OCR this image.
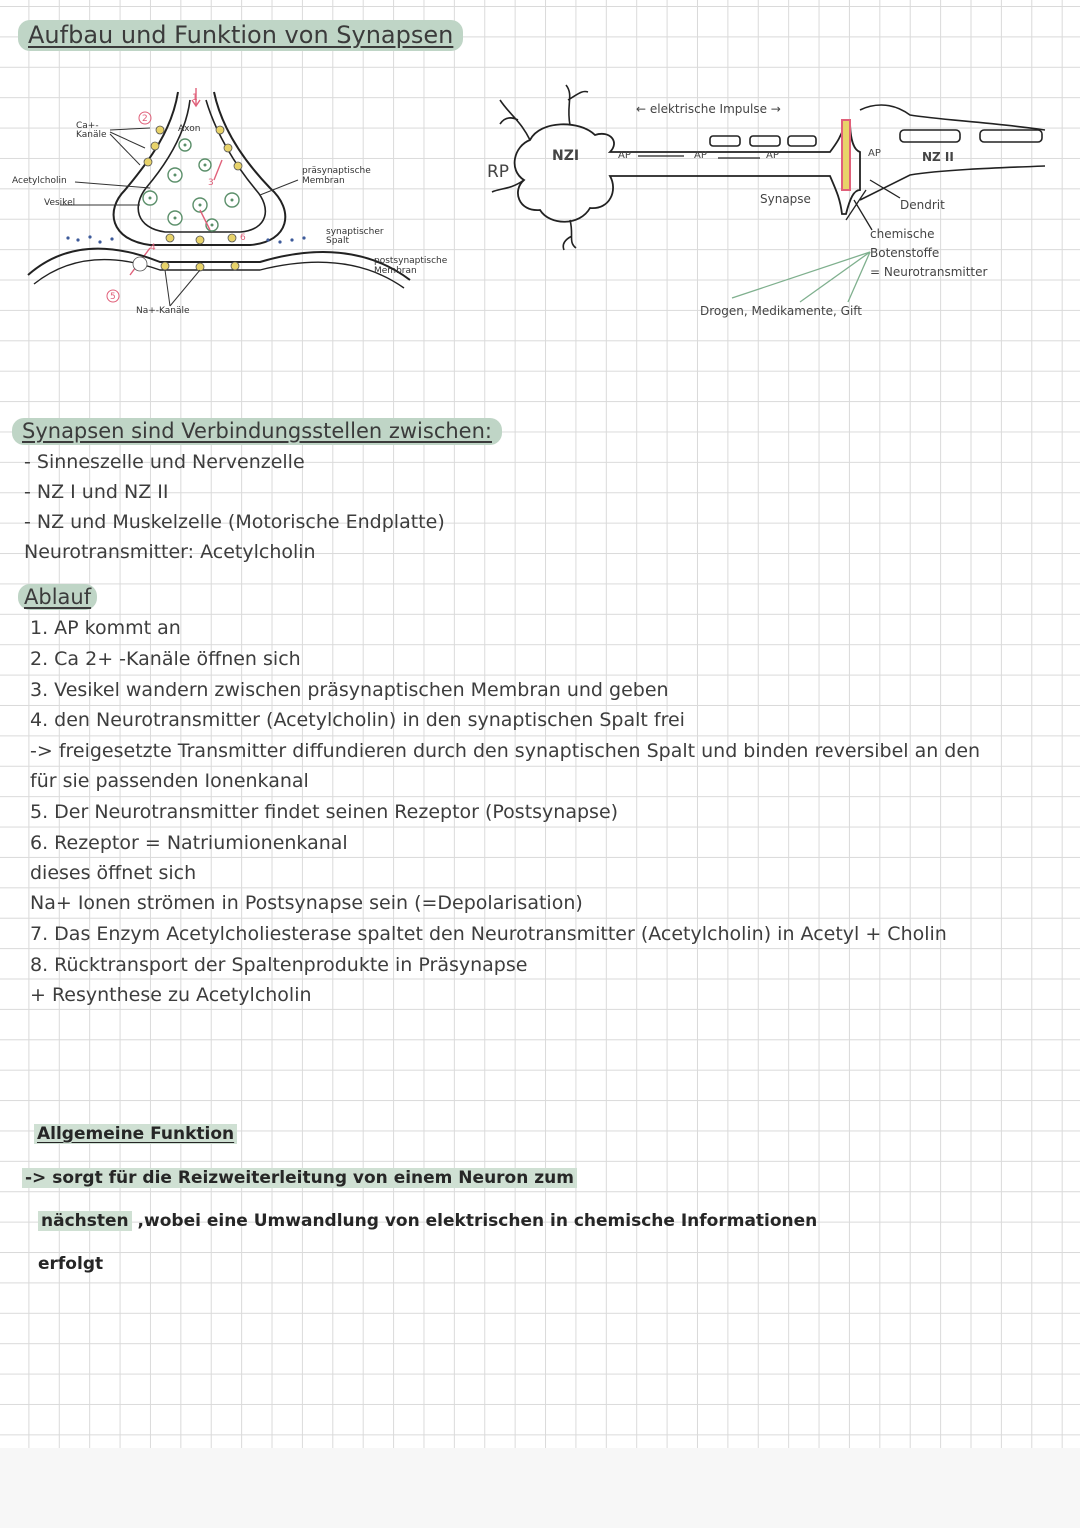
Aufbau und Funktion von Synapsen
2
1
3
4
5
6
Ca+-
Kanäle
Axon
Acetylcholin
Vesikel
präsynaptische
Membran
synaptischer
Spalt
postsynaptische
Membran
Na+-Kanäle
RP
NZI	NZ II
← elektrische Impulse →
AP	AP	AP	AP
Synapse	Dendrit
chemische
Botenstoffe
= Neurotransmitter
Drogen, Medikamente, Gift
Synapsen sind Verbindungsstellen zwischen:
- Sinneszelle und Nervenzelle
- NZ I und NZ II
- NZ und Muskelzelle (Motorische Endplatte)
Neurotransmitter: Acetylcholin
Ablauf
1. AP kommt an
2. Ca 2+ -Kanäle öffnen sich
3. Vesikel wandern zwischen präsynaptischen Membran und geben
4. den Neurotransmitter (Acetylcholin) in den synaptischen Spalt frei
-> freigesetzte Transmitter diffundieren durch den synaptischen Spalt und binden reversibel an den
für sie passenden Ionenkanal
5. Der Neurotransmitter findet seinen Rezeptor (Postsynapse)
6. Rezeptor = Natriumionenkanal
dieses öffnet sich
Na+ Ionen strömen in Postsynapse sein (=Depolarisation)
7. Das Enzym Acetylcholiesterase spaltet den Neurotransmitter (Acetylcholin) in Acetyl + Cholin
8. Rücktransport der Spaltenprodukte in Präsynapse
+ Resynthese zu Acetylcholin
Allgemeine Funktion
-> sorgt für die Reizweiterleitung von einem Neuron zum
nächsten ,wobei eine Umwandlung von elektrischen in chemische Informationen
erfolgt
